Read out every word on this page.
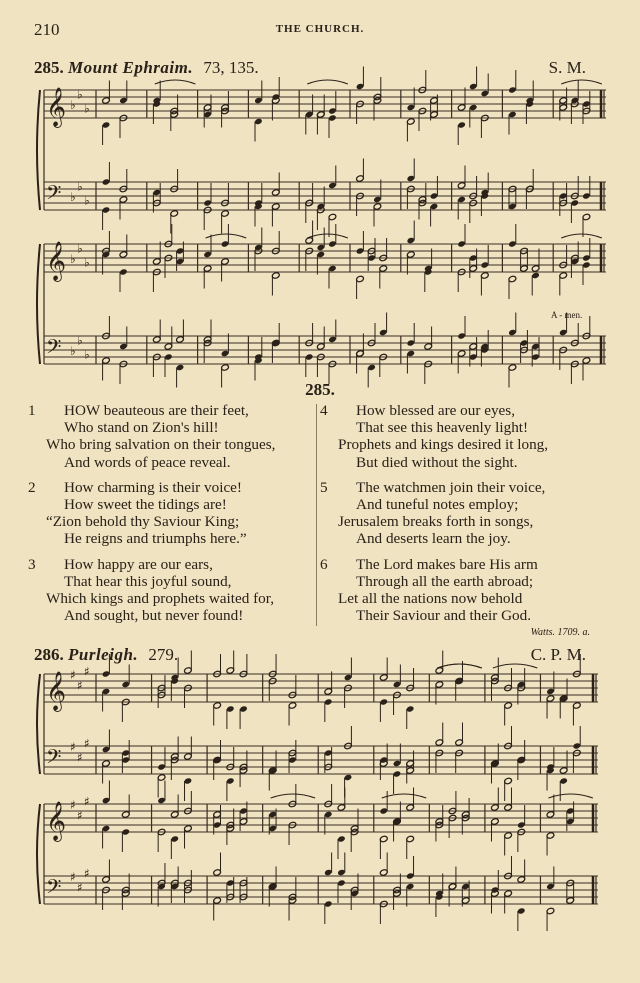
210	THE CHURCH.
285. Mount Ephraim. 73, 135.	S. M.
𝄞 ♭
♭
♭
𝄢 ♭
♭
♭
𝄞 ♭
♭
♭
𝄢 ♭
♭
♭
A - men.
285.
1	HOW beauteous are their feet,
Who stand on Zion's hill!
Who bring salvation on their tongues,
And words of peace reveal.
2	How charming is their voice!
How sweet the tidings are!
“Zion behold thy Saviour King;
He reigns and triumphs here.”
3	How happy are our ears,
That hear this joyful sound,
Which kings and prophets waited for,
And sought, but never found!
4	How blessed are our eyes,
That see this heavenly light!
Prophets and kings desired it long,
But died without the sight.
5	The watchmen join their voice,
And tuneful notes employ;
Jerusalem breaks forth in songs,
And deserts learn the joy.
6	The Lord makes bare His arm
Through all the earth abroad;
Let all the nations now behold
Their Saviour and their God.
Watts. 1709. a.
286. Purleigh. 279.	C. P. M.
𝄞 ♯
♯
♯
𝄢 ♯
♯
♯
𝄞 ♯
♯
♯
𝄢 ♯
♯
♯
